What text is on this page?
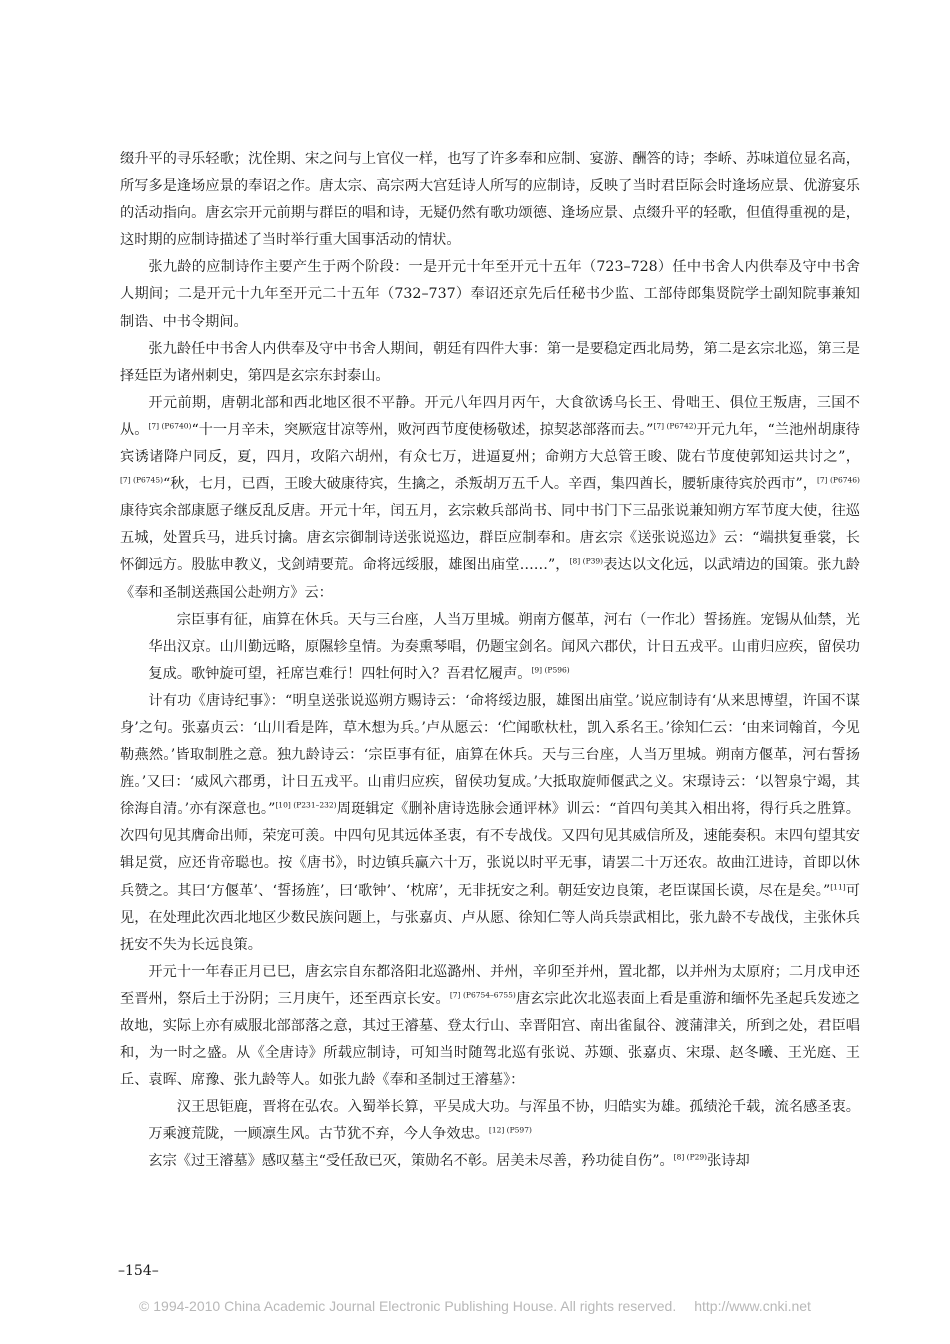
缀升平的寻乐轻歌；沈佺期、宋之问与上官仪一样，也写了许多奉和应制、宴游、酬答的诗；李峤、苏味道位显名高，所写多是逢场应景的奉诏之作。唐太宗、高宗两大宫廷诗人所写的应制诗，反映了当时君臣际会时逢场应景、优游宴乐的活动指向。唐玄宗开元前期与群臣的唱和诗，无疑仍然有歌功颂德、逢场应景、点缀升平的轻歌，但值得重视的是，这时期的应制诗描述了当时举行重大国事活动的情状。

张九龄的应制诗作主要产生于两个阶段：一是开元十年至开元十五年（723–728）任中书舍人内供奉及守中书舍人期间；二是开元十九年至开元二十五年（732–737）奉诏还京先后任秘书少监、工部侍郎集贤院学士副知院事兼知制诰、中书令期间。

张九龄任中书舍人内供奉及守中书舍人期间，朝廷有四件大事：第一是要稳定西北局势，第二是玄宗北巡，第三是择廷臣为诸州刺史，第四是玄宗东封泰山。

开元前期，唐朝北部和西北地区很不平静。开元八年四月丙午，大食欲诱乌长王、骨咄王、俱位王叛唐，三国不从。$^{[7] (P6740)}$“十一月辛未，突厥寇甘凉等州，败河西节度使杨敬述，掠契苾部落而去。”$^{[7] (P6742)}$开元九年，“兰池州胡康待宾诱诸降户同反，夏，四月，攻陷六胡州，有众七万，进逼夏州；命朔方大总管王晙、陇右节度使郭知运共讨之”，$^{[7] (P6745)}$“秋，七月，已酉，王晙大破康待宾，生擒之，杀叛胡万五千人。辛酉，集四酋长，腰斩康待宾於西市”，$^{[7] (P6746)}$康待宾余部康愿子继反乱反唐。开元十年，闰五月，玄宗敕兵部尚书、同中书门下三品张说兼知朔方军节度大使，往巡五城，处置兵马，进兵讨擒。唐玄宗御制诗送张说巡边，群臣应制奉和。唐玄宗《送张说巡边》云：“端拱复垂裳，长怀御远方。股肱申教义，戈剑靖要荒。命将远绥服，雄图出庙堂……”，$^{[8] (P39)}$表达以文化远，以武靖边的国策。张九龄《奉和圣制送燕国公赴朔方》云：

宗臣事有征，庙算在休兵。天与三台座，人当万里城。朔南方偃革，河右（一作北）誓扬旌。宠锡从仙禁，光华出汉京。山川勤远略，原隰轸皇情。为奏熏琴唱，仍题宝剑名。闻风六郡伏，计日五戎平。山甫归应疾，留侯功复成。歌钟旋可望，衽席岂难行！四牡何时入？吾君忆履声。$^{[9] (P596)}$

计有功《唐诗纪事》：“明皇送张说巡朔方赐诗云：‘命将绥边服，雄图出庙堂。’说应制诗有‘从来思博望，许国不谋身’之句。张嘉贞云：‘山川看是阵，草木想为兵。’卢从愿云：‘伫闻歌杕杜，凯入系名王。’徐知仁云：‘由来词翰首，今见勒燕然。’皆取制胜之意。独九龄诗云：‘宗臣事有征，庙算在休兵。天与三台座，人当万里城。朔南方偃革，河右誓扬旌。’又曰：‘威风六郡勇，计日五戎平。山甫归应疾，留侯功复成。’大抵取旋师偃武之义。宋璟诗云：‘以智泉宁竭，其徐海自清。’亦有深意也。”$^{[10] (P231-232)}$周珽辑定《删补唐诗选脉会通评林》训云：“首四句美其入相出将，得行兵之胜算。次四句见其膺命出师，荣宠可羡。中四句见其远体圣衷，有不专战伐。又四句见其威信所及，速能奏积。末四句望其安辑足赏，应还肯帝聪也。按《唐书》，时边镇兵赢六十万，张说以时平无事，请罢二十万还农。故曲江进诗，首即以休兵赞之。其曰‘方偃革’、‘誓扬旌’，曰‘歌钟’、‘枕席’，无非抚安之利。朝廷安边良策，老臣谋国长谟，尽在是矣。”[11]可见，在处理此次西北地区少数民族问题上，与张嘉贞、卢从愿、徐知仁等人尚兵崇武相比，张九龄不专战伐，主张休兵抚安不失为长远良策。

开元十一年春正月已巳，唐玄宗自东都洛阳北巡潞州、并州，辛卯至并州，置北都，以并州为太原府；二月戊申还至晋州，祭后土于汾阴；三月庚午，还至西京长安。$^{[7] (P6754-6755)}$唐玄宗此次北巡表面上看是重游和缅怀先圣起兵发迹之故地，实际上亦有威服北部部落之意，其过王濬墓、登太行山、幸晋阳宫、南出雀鼠谷、渡蒲津关，所到之处，君臣唱和，为一时之盛。从《全唐诗》所载应制诗，可知当时随驾北巡有张说、苏颋、张嘉贞、宋璟、赵冬曦、王光庭、王丘、袁晖、席豫、张九龄等人。如张九龄《奉和圣制过王濬墓》：

汉王思钜鹿，晋将在弘农。入蜀举长算，平吴成大功。与浑虽不协，归皓实为雄。孤绩沦千载，流名感圣衷。万乘渡荒陇，一顾凛生风。古节犹不弃，今人争效忠。$^{[12] (P597)}$

玄宗《过王濬墓》感叹墓主“受任敌已灭，策勋名不彰。居美未尽善，矜功徒自伤”。$^{[8] (P29)}$张诗却

–154–
© 1994-2010 China Academic Journal Electronic Publishing House. All rights reserved. http://www.cnki.net
